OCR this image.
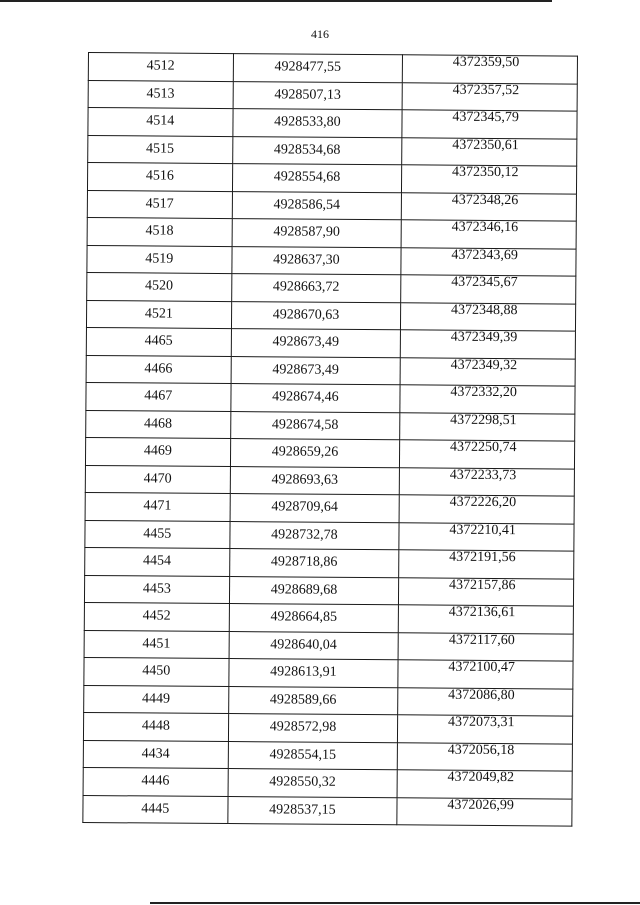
416
4512	4928477,55	4372359,50
4513	4928507,13	4372357,52
4514	4928533,80	4372345,79
4515	4928534,68	4372350,61
4516	4928554,68	4372350,12
4517	4928586,54	4372348,26
4518	4928587,90	4372346,16
4519	4928637,30	4372343,69
4520	4928663,72	4372345,67
4521	4928670,63	4372348,88
4465	4928673,49	4372349,39
4466	4928673,49	4372349,32
4467	4928674,46	4372332,20
4468	4928674,58	4372298,51
4469	4928659,26	4372250,74
4470	4928693,63	4372233,73
4471	4928709,64	4372226,20
4455	4928732,78	4372210,41
4454	4928718,86	4372191,56
4453	4928689,68	4372157,86
4452	4928664,85	4372136,61
4451	4928640,04	4372117,60
4450	4928613,91	4372100,47
4449	4928589,66	4372086,80
4448	4928572,98	4372073,31
4434	4928554,15	4372056,18
4446	4928550,32	4372049,82
4445	4928537,15	4372026,99
